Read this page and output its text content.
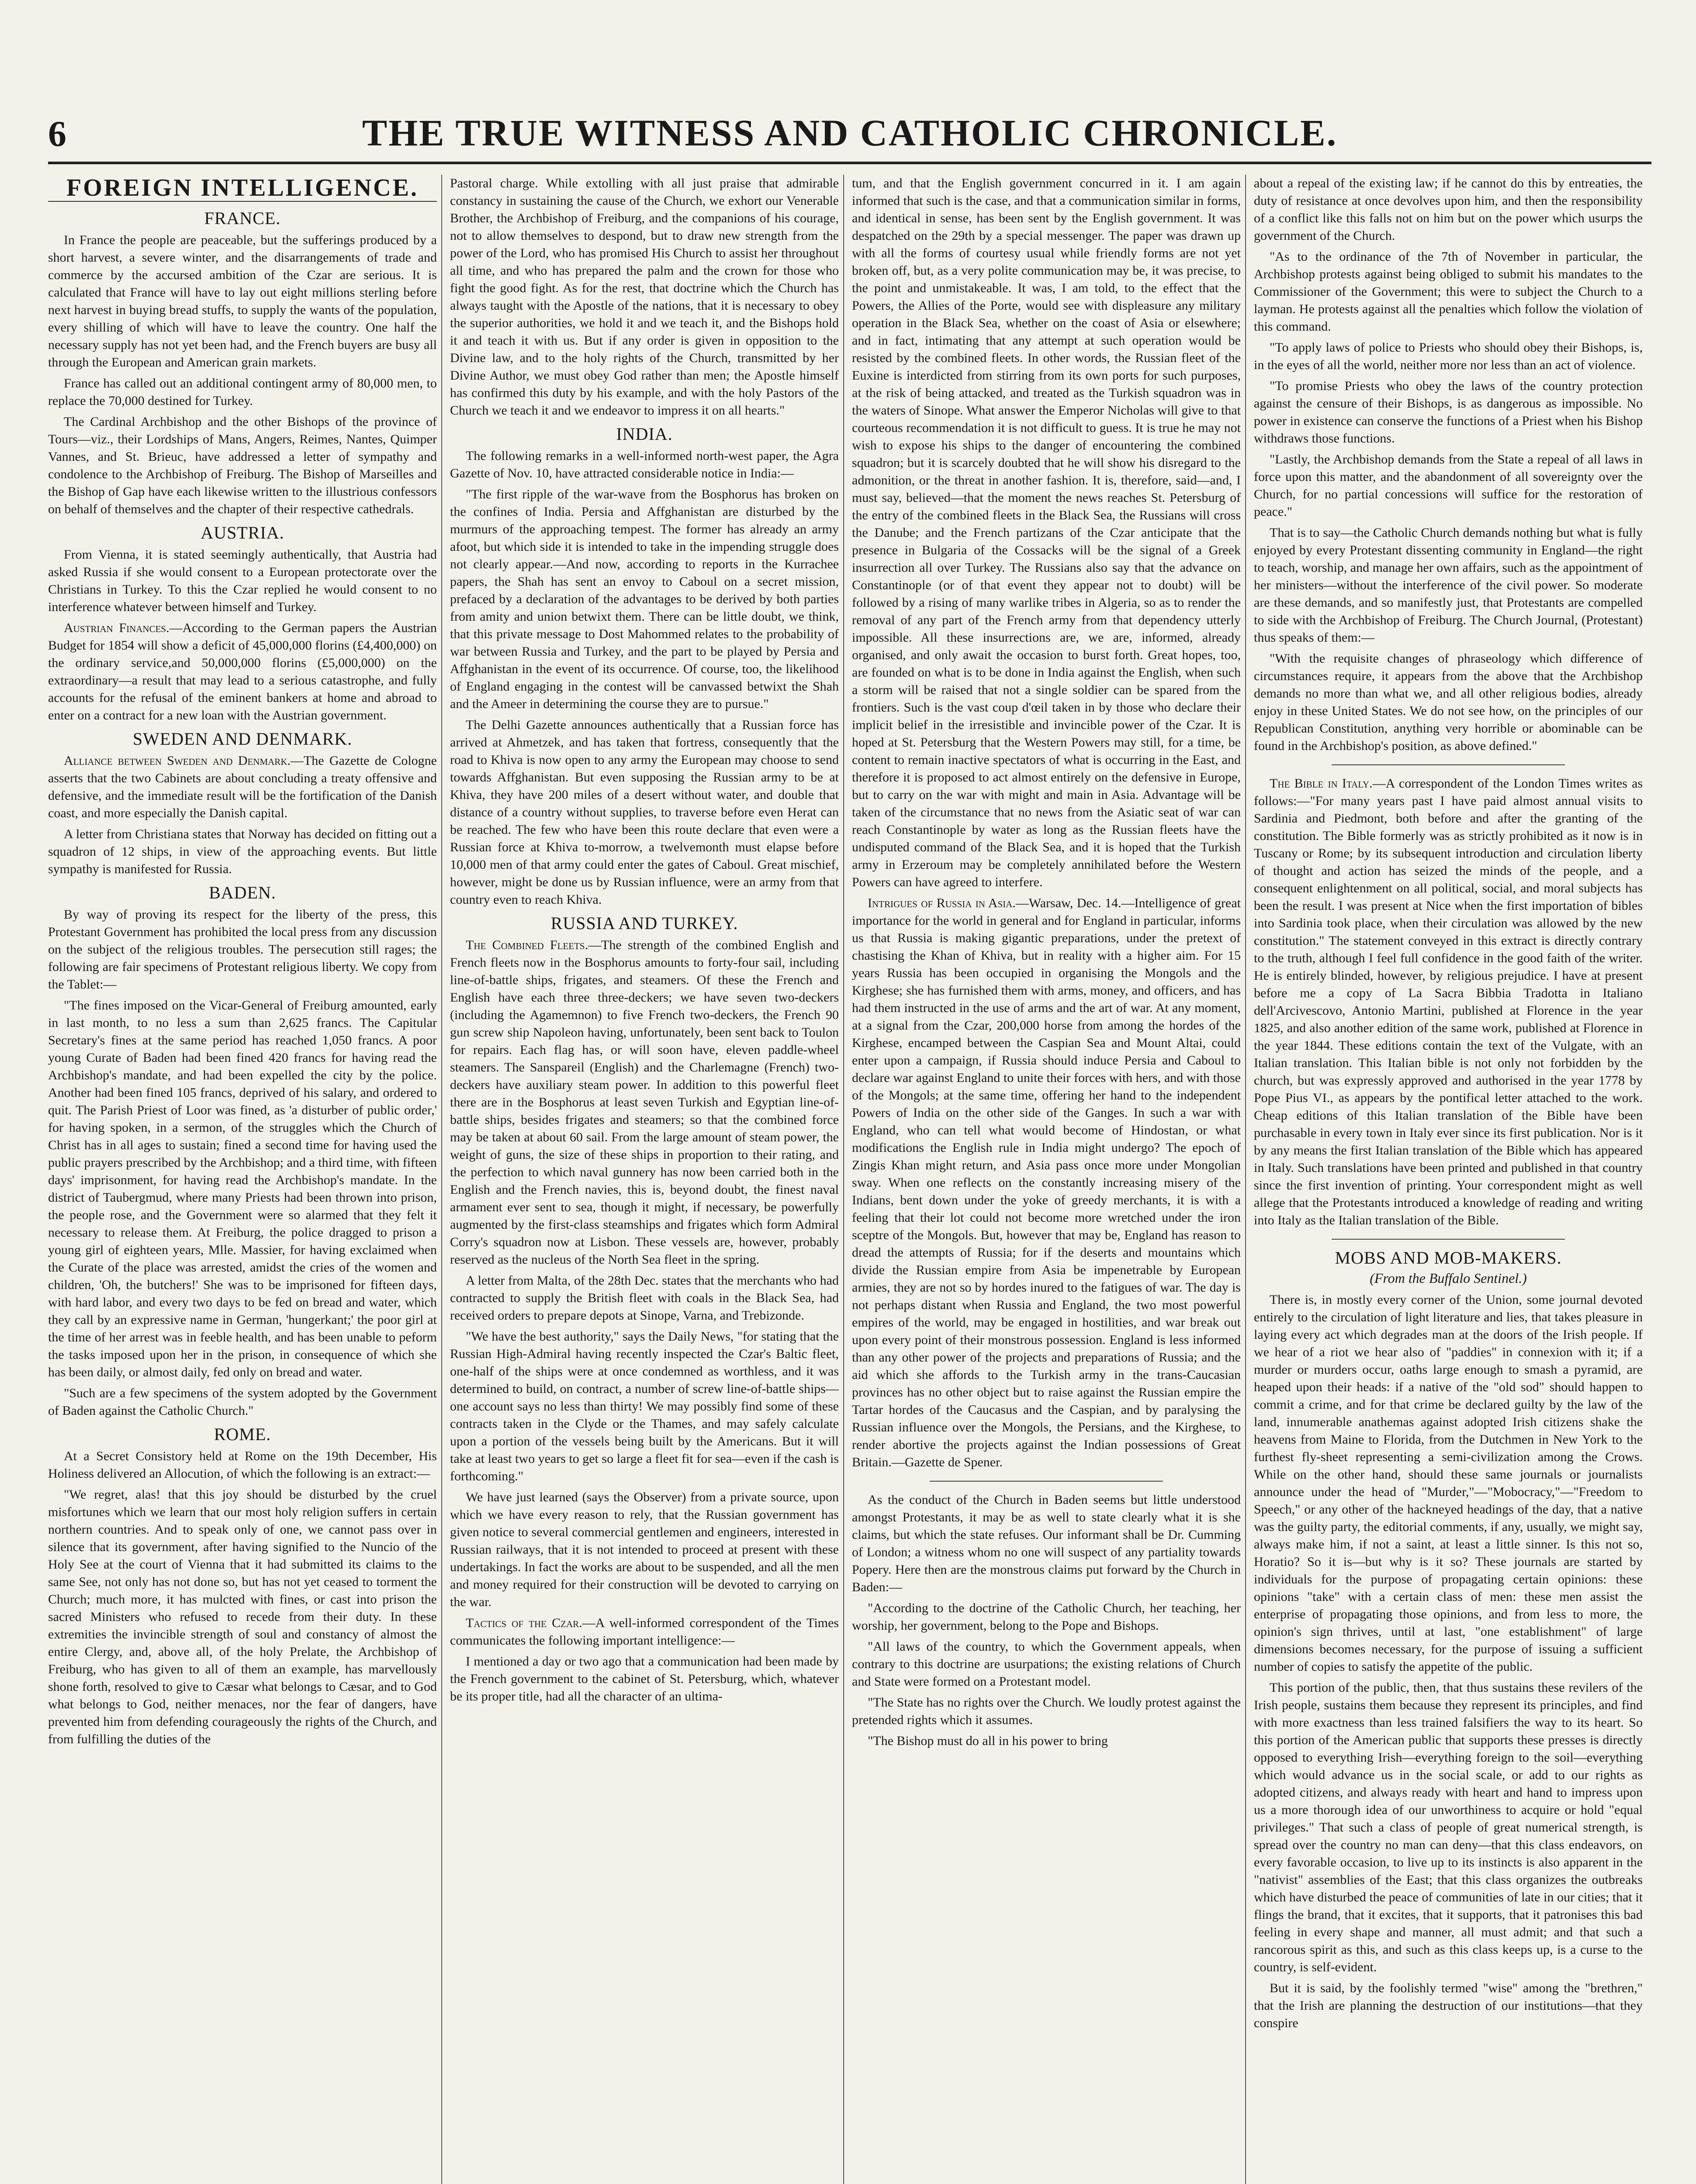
6	THE TRUE WITNESS AND CATHOLIC CHRONICLE.
FOREIGN INTELLIGENCE.
FRANCE.

In France the people are peaceable, but the sufferings produced by a short harvest, a severe winter, and the disarrangements of trade and commerce by the accursed ambition of the Czar are serious. It is calculated that France will have to lay out eight millions sterling before next harvest in buying bread stuffs, to supply the wants of the population, every shilling of which will have to leave the country. One half the necessary supply has not yet been had, and the French buyers are busy all through the European and American grain markets.

France has called out an additional contingent army of 80,000 men, to replace the 70,000 destined for Turkey.

The Cardinal Archbishop and the other Bishops of the province of Tours—viz., their Lordships of Mans, Angers, Reimes, Nantes, Quimper Vannes, and St. Brieuc, have addressed a letter of sympathy and condolence to the Archbishop of Freiburg. The Bishop of Marseilles and the Bishop of Gap have each likewise written to the illustrious confessors on behalf of themselves and the chapter of their respective cathedrals.

AUSTRIA.

From Vienna, it is stated seemingly authentically, that Austria had asked Russia if she would consent to a European protectorate over the Christians in Turkey. To this the Czar replied he would consent to no interference whatever between himself and Turkey.

Austrian Finances.—According to the German papers the Austrian Budget for 1854 will show a deficit of 45,000,000 florins (£4,400,000) on the ordinary service,and 50,000,000 florins (£5,000,000) on the extraordinary—a result that may lead to a serious catastrophe, and fully accounts for the refusal of the eminent bankers at home and abroad to enter on a contract for a new loan with the Austrian government.

SWEDEN AND DENMARK.

Alliance between Sweden and Denmark.—The Gazette de Cologne asserts that the two Cabinets are about concluding a treaty offensive and defensive, and the immediate result will be the fortification of the Danish coast, and more especially the Danish capital.

A letter from Christiana states that Norway has decided on fitting out a squadron of 12 ships, in view of the approaching events. But little sympathy is manifested for Russia.

BADEN.

By way of proving its respect for the liberty of the press, this Protestant Government has prohibited the local press from any discussion on the subject of the religious troubles. The persecution still rages; the following are fair specimens of Protestant religious liberty. We copy from the Tablet:—

"The fines imposed on the Vicar-General of Freiburg amounted, early in last month, to no less a sum than 2,625 francs. The Capitular Secretary's fines at the same period has reached 1,050 francs. A poor young Curate of Baden had been fined 420 francs for having read the Archbishop's mandate, and had been expelled the city by the police. Another had been fined 105 francs, deprived of his salary, and ordered to quit. The Parish Priest of Loor was fined, as 'a disturber of public order,' for having spoken, in a sermon, of the struggles which the Church of Christ has in all ages to sustain; fined a second time for having used the public prayers prescribed by the Archbishop; and a third time, with fifteen days' imprisonment, for having read the Archbishop's mandate. In the district of Taubergmud, where many Priests had been thrown into prison, the people rose, and the Government were so alarmed that they felt it necessary to release them. At Freiburg, the police dragged to prison a young girl of eighteen years, Mlle. Massier, for having exclaimed when the Curate of the place was arrested, amidst the cries of the women and children, 'Oh, the butchers!' She was to be imprisoned for fifteen days, with hard labor, and every two days to be fed on bread and water, which they call by an expressive name in German, 'hungerkant;' the poor girl at the time of her arrest was in feeble health, and has been unable to peform the tasks imposed upon her in the prison, in consequence of which she has been daily, or almost daily, fed only on bread and water.

"Such are a few specimens of the system adopted by the Government of Baden against the Catholic Church."

ROME.

At a Secret Consistory held at Rome on the 19th December, His Holiness delivered an Allocution, of which the following is an extract:—

"We regret, alas! that this joy should be disturbed by the cruel misfortunes which we learn that our most holy religion suffers in certain northern countries. And to speak only of one, we cannot pass over in silence that its government, after having signified to the Nuncio of the Holy See at the court of Vienna that it had submitted its claims to the same See, not only has not done so, but has not yet ceased to torment the Church; much more, it has mulcted with fines, or cast into prison the sacred Ministers who refused to recede from their duty. In these extremities the invincible strength of soul and constancy of almost the entire Clergy, and, above all, of the holy Prelate, the Archbishop of Freiburg, who has given to all of them an example, has marvellously shone forth, resolved to give to Cæsar what belongs to Cæsar, and to God what belongs to God, neither menaces, nor the fear of dangers, have prevented him from defending courageously the rights of the Church, and from fulfilling the duties of the

Pastoral charge. While extolling with all just praise that admirable constancy in sustaining the cause of the Church, we exhort our Venerable Brother, the Archbishop of Freiburg, and the companions of his courage, not to allow themselves to despond, but to draw new strength from the power of the Lord, who has promised His Church to assist her throughout all time, and who has prepared the palm and the crown for those who fight the good fight. As for the rest, that doctrine which the Church has always taught with the Apostle of the nations, that it is necessary to obey the superior authorities, we hold it and we teach it, and the Bishops hold it and teach it with us. But if any order is given in opposition to the Divine law, and to the holy rights of the Church, transmitted by her Divine Author, we must obey God rather than men; the Apostle himself has confirmed this duty by his example, and with the holy Pastors of the Church we teach it and we endeavor to impress it on all hearts."

INDIA.

The following remarks in a well-informed north-west paper, the Agra Gazette of Nov. 10, have attracted considerable notice in India:—

"The first ripple of the war-wave from the Bosphorus has broken on the confines of India. Persia and Affghanistan are disturbed by the murmurs of the approaching tempest. The former has already an army afoot, but which side it is intended to take in the impending struggle does not clearly appear.—And now, according to reports in the Kurrachee papers, the Shah has sent an envoy to Caboul on a secret mission, prefaced by a declaration of the advantages to be derived by both parties from amity and union betwixt them. There can be little doubt, we think, that this private message to Dost Mahommed relates to the probability of war between Russia and Turkey, and the part to be played by Persia and Affghanistan in the event of its occurrence. Of course, too, the likelihood of England engaging in the contest will be canvassed betwixt the Shah and the Ameer in determining the course they are to pursue."

The Delhi Gazette announces authentically that a Russian force has arrived at Ahmetzek, and has taken that fortress, consequently that the road to Khiva is now open to any army the European may choose to send towards Affghanistan. But even supposing the Russian army to be at Khiva, they have 200 miles of a desert without water, and double that distance of a country without supplies, to traverse before even Herat can be reached. The few who have been this route declare that even were a Russian force at Khiva to-morrow, a twelvemonth must elapse before 10,000 men of that army could enter the gates of Caboul. Great mischief, however, might be done us by Russian influence, were an army from that country even to reach Khiva.

RUSSIA AND TURKEY.

The Combined Fleets.—The strength of the combined English and French fleets now in the Bosphorus amounts to forty-four sail, including line-of-battle ships, frigates, and steamers. Of these the French and English have each three three-deckers; we have seven two-deckers (including the Agamemnon) to five French two-deckers, the French 90 gun screw ship Napoleon having, unfortunately, been sent back to Toulon for repairs. Each flag has, or will soon have, eleven paddle-wheel steamers. The Sanspareil (English) and the Charlemagne (French) two-deckers have auxiliary steam power. In addition to this powerful fleet there are in the Bosphorus at least seven Turkish and Egyptian line-of-battle ships, besides frigates and steamers; so that the combined force may be taken at about 60 sail. From the large amount of steam power, the weight of guns, the size of these ships in proportion to their rating, and the perfection to which naval gunnery has now been carried both in the English and the French navies, this is, beyond doubt, the finest naval armament ever sent to sea, though it might, if necessary, be powerfully augmented by the first-class steamships and frigates which form Admiral Corry's squadron now at Lisbon. These vessels are, however, probably reserved as the nucleus of the North Sea fleet in the spring.

A letter from Malta, of the 28th Dec. states that the merchants who had contracted to supply the British fleet with coals in the Black Sea, had received orders to prepare depots at Sinope, Varna, and Trebizonde.

"We have the best authority," says the Daily News, "for stating that the Russian High-Admiral having recently inspected the Czar's Baltic fleet, one-half of the ships were at once condemned as worthless, and it was determined to build, on contract, a number of screw line-of-battle ships—one account says no less than thirty! We may possibly find some of these contracts taken in the Clyde or the Thames, and may safely calculate upon a portion of the vessels being built by the Americans. But it will take at least two years to get so large a fleet fit for sea—even if the cash is forthcoming."

We have just learned (says the Observer) from a private source, upon which we have every reason to rely, that the Russian government has given notice to several commercial gentlemen and engineers, interested in Russian railways, that it is not intended to proceed at present with these undertakings. In fact the works are about to be suspended, and all the men and money required for their construction will be devoted to carrying on the war.

Tactics of the Czar.—A well-informed correspondent of the Times communicates the following important intelligence:—

I mentioned a day or two ago that a communication had been made by the French government to the cabinet of St. Petersburg, which, whatever be its proper title, had all the character of an ultima-

tum, and that the English government concurred in it. I am again informed that such is the case, and that a communication similar in forms, and identical in sense, has been sent by the English government. It was despatched on the 29th by a special messenger. The paper was drawn up with all the forms of courtesy usual while friendly forms are not yet broken off, but, as a very polite communication may be, it was precise, to the point and unmistakeable. It was, I am told, to the effect that the Powers, the Allies of the Porte, would see with displeasure any military operation in the Black Sea, whether on the coast of Asia or elsewhere; and in fact, intimating that any attempt at such operation would be resisted by the combined fleets. In other words, the Russian fleet of the Euxine is interdicted from stirring from its own ports for such purposes, at the risk of being attacked, and treated as the Turkish squadron was in the waters of Sinope. What answer the Emperor Nicholas will give to that courteous recommendation it is not difficult to guess. It is true he may not wish to expose his ships to the danger of encountering the combined squadron; but it is scarcely doubted that he will show his disregard to the admonition, or the threat in another fashion. It is, therefore, said—and, I must say, believed—that the moment the news reaches St. Petersburg of the entry of the combined fleets in the Black Sea, the Russians will cross the Danube; and the French partizans of the Czar anticipate that the presence in Bulgaria of the Cossacks will be the signal of a Greek insurrection all over Turkey. The Russians also say that the advance on Constantinople (or of that event they appear not to doubt) will be followed by a rising of many warlike tribes in Algeria, so as to render the removal of any part of the French army from that dependency utterly impossible. All these insurrections are, we are, informed, already organised, and only await the occasion to burst forth. Great hopes, too, are founded on what is to be done in India against the English, when such a storm will be raised that not a single soldier can be spared from the frontiers. Such is the vast coup d'œil taken in by those who declare their implicit belief in the irresistible and invincible power of the Czar. It is hoped at St. Petersburg that the Western Powers may still, for a time, be content to remain inactive spectators of what is occurring in the East, and therefore it is proposed to act almost entirely on the defensive in Europe, but to carry on the war with might and main in Asia. Advantage will be taken of the circumstance that no news from the Asiatic seat of war can reach Constantinople by water as long as the Russian fleets have the undisputed command of the Black Sea, and it is hoped that the Turkish army in Erzeroum may be completely annihilated before the Western Powers can have agreed to interfere.

Intrigues of Russia in Asia.—Warsaw, Dec. 14.—Intelligence of great importance for the world in general and for England in particular, informs us that Russia is making gigantic preparations, under the pretext of chastising the Khan of Khiva, but in reality with a higher aim. For 15 years Russia has been occupied in organising the Mongols and the Kirghese; she has furnished them with arms, money, and officers, and has had them instructed in the use of arms and the art of war. At any moment, at a signal from the Czar, 200,000 horse from among the hordes of the Kirghese, encamped between the Caspian Sea and Mount Altai, could enter upon a campaign, if Russia should induce Persia and Caboul to declare war against England to unite their forces with hers, and with those of the Mongols; at the same time, offering her hand to the independent Powers of India on the other side of the Ganges. In such a war with England, who can tell what would become of Hindostan, or what modifications the English rule in India might undergo? The epoch of Zingis Khan might return, and Asia pass once more under Mongolian sway. When one reflects on the constantly increasing misery of the Indians, bent down under the yoke of greedy merchants, it is with a feeling that their lot could not become more wretched under the iron sceptre of the Mongols. But, however that may be, England has reason to dread the attempts of Russia; for if the deserts and mountains which divide the Russian empire from Asia be impenetrable by European armies, they are not so by hordes inured to the fatigues of war. The day is not perhaps distant when Russia and England, the two most powerful empires of the world, may be engaged in hostilities, and war break out upon every point of their monstrous possession. England is less informed than any other power of the projects and preparations of Russia; and the aid which she affords to the Turkish army in the trans-Caucasian provinces has no other object but to raise against the Russian empire the Tartar hordes of the Caucasus and the Caspian, and by paralysing the Russian influence over the Mongols, the Persians, and the Kirghese, to render abortive the projects against the Indian possessions of Great Britain.—Gazette de Spener.

As the conduct of the Church in Baden seems but little understood amongst Protestants, it may be as well to state clearly what it is she claims, but which the state refuses. Our informant shall be Dr. Cumming of London; a witness whom no one will suspect of any partiality towards Popery. Here then are the monstrous claims put forward by the Church in Baden:—

"According to the doctrine of the Catholic Church, her teaching, her worship, her government, belong to the Pope and Bishops.

"All laws of the country, to which the Government appeals, when contrary to this doctrine are usurpations; the existing relations of Church and State were formed on a Protestant model.

"The State has no rights over the Church. We loudly protest against the pretended rights which it assumes.

"The Bishop must do all in his power to bring

about a repeal of the existing law; if he cannot do this by entreaties, the duty of resistance at once devolves upon him, and then the responsibility of a conflict like this falls not on him but on the power which usurps the government of the Church.

"As to the ordinance of the 7th of November in particular, the Archbishop protests against being obliged to submit his mandates to the Commissioner of the Government; this were to subject the Church to a layman. He protests against all the penalties which follow the violation of this command.

"To apply laws of police to Priests who should obey their Bishops, is, in the eyes of all the world, neither more nor less than an act of violence.

"To promise Priests who obey the laws of the country protection against the censure of their Bishops, is as dangerous as impossible. No power in existence can conserve the functions of a Priest when his Bishop withdraws those functions.

"Lastly, the Archbishop demands from the State a repeal of all laws in force upon this matter, and the abandonment of all sovereignty over the Church, for no partial concessions will suffice for the restoration of peace."

That is to say—the Catholic Church demands nothing but what is fully enjoyed by every Protestant dissenting community in England—the right to teach, worship, and manage her own affairs, such as the appointment of her ministers—without the interference of the civil power. So moderate are these demands, and so manifestly just, that Protestants are compelled to side with the Archbishop of Freiburg. The Church Journal, (Protestant) thus speaks of them:—

"With the requisite changes of phraseology which difference of circumstances require, it appears from the above that the Archbishop demands no more than what we, and all other religious bodies, already enjoy in these United States. We do not see how, on the principles of our Republican Constitution, anything very horrible or abominable can be found in the Archbishop's position, as above defined."

The Bible in Italy.—A correspondent of the London Times writes as follows:—"For many years past I have paid almost annual visits to Sardinia and Piedmont, both before and after the granting of the constitution. The Bible formerly was as strictly prohibited as it now is in Tuscany or Rome; by its subsequent introduction and circulation liberty of thought and action has seized the minds of the people, and a consequent enlightenment on all political, social, and moral subjects has been the result. I was present at Nice when the first importation of bibles into Sardinia took place, when their circulation was allowed by the new constitution." The statement conveyed in this extract is directly contrary to the truth, although I feel full confidence in the good faith of the writer. He is entirely blinded, however, by religious prejudice. I have at present before me a copy of La Sacra Bibbia Tradotta in Italiano dell'Arcivescovo, Antonio Martini, published at Florence in the year 1825, and also another edition of the same work, published at Florence in the year 1844. These editions contain the text of the Vulgate, with an Italian translation. This Italian bible is not only not forbidden by the church, but was expressly approved and authorised in the year 1778 by Pope Pius VI., as appears by the pontifical letter attached to the work. Cheap editions of this Italian translation of the Bible have been purchasable in every town in Italy ever since its first publication. Nor is it by any means the first Italian translation of the Bible which has appeared in Italy. Such translations have been printed and published in that country since the first invention of printing. Your correspondent might as well allege that the Protestants introduced a knowledge of reading and writing into Italy as the Italian translation of the Bible.

MOBS AND MOB-MAKERS.
(From the Buffalo Sentinel.)

There is, in mostly every corner of the Union, some journal devoted entirely to the circulation of light literature and lies, that takes pleasure in laying every act which degrades man at the doors of the Irish people. If we hear of a riot we hear also of "paddies" in connexion with it; if a murder or murders occur, oaths large enough to smash a pyramid, are heaped upon their heads: if a native of the "old sod" should happen to commit a crime, and for that crime be declared guilty by the law of the land, innumerable anathemas against adopted Irish citizens shake the heavens from Maine to Florida, from the Dutchmen in New York to the furthest fly-sheet representing a semi-civilization among the Crows. While on the other hand, should these same journals or journalists announce under the head of "Murder,"—"Mobocracy,"—"Freedom to Speech," or any other of the hackneyed headings of the day, that a native was the guilty party, the editorial comments, if any, usually, we might say, always make him, if not a saint, at least a little sinner. Is this not so, Horatio? So it is—but why is it so? These journals are started by individuals for the purpose of propagating certain opinions: these opinions "take" with a certain class of men: these men assist the enterprise of propagating those opinions, and from less to more, the opinion's sign thrives, until at last, "one establishment" of large dimensions becomes necessary, for the purpose of issuing a sufficient number of copies to satisfy the appetite of the public.

This portion of the public, then, that thus sustains these revilers of the Irish people, sustains them because they represent its principles, and find with more exactness than less trained falsifiers the way to its heart. So this portion of the American public that supports these presses is directly opposed to everything Irish—everything foreign to the soil—everything which would advance us in the social scale, or add to our rights as adopted citizens, and always ready with heart and hand to impress upon us a more thorough idea of our unworthiness to acquire or hold "equal privileges." That such a class of people of great numerical strength, is spread over the country no man can deny—that this class endeavors, on every favorable occasion, to live up to its instincts is also apparent in the "nativist" assemblies of the East; that this class organizes the outbreaks which have disturbed the peace of communities of late in our cities; that it flings the brand, that it excites, that it supports, that it patronises this bad feeling in every shape and manner, all must admit; and that such a rancorous spirit as this, and such as this class keeps up, is a curse to the country, is self-evident.

But it is said, by the foolishly termed "wise" among the "brethren," that the Irish are planning the destruction of our institutions—that they conspire
